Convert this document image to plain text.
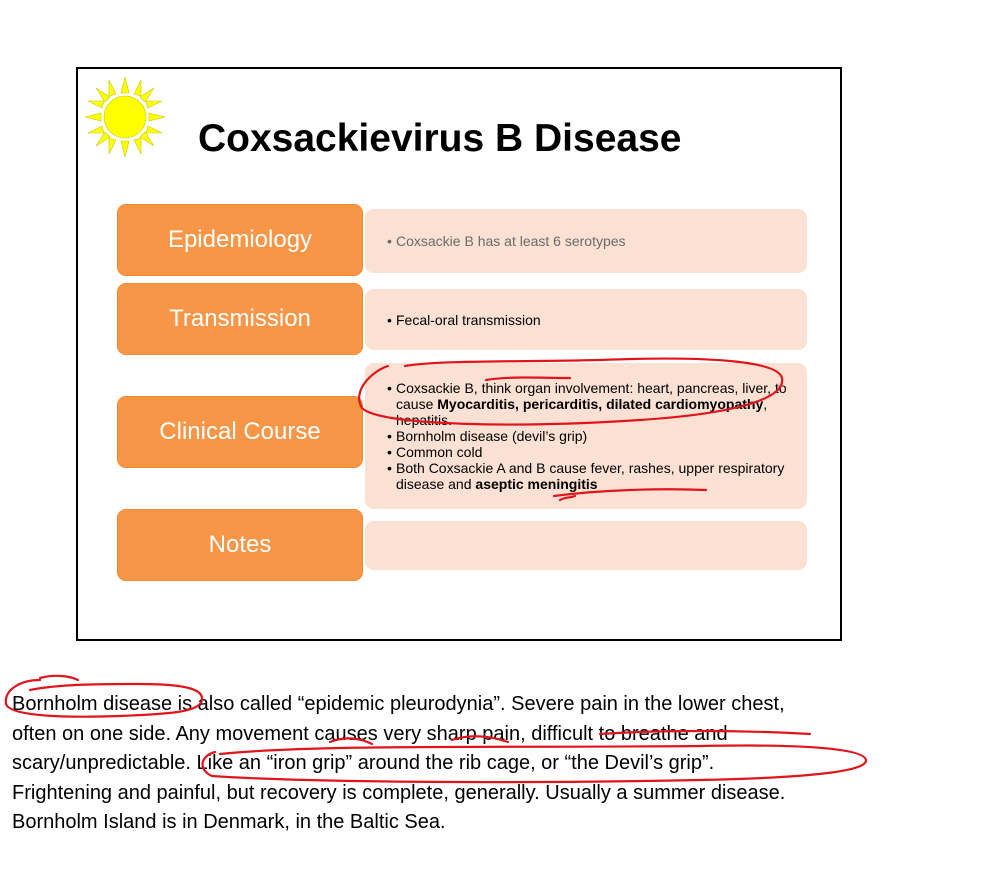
Coxsackievirus B Disease
Epidemiology	• Coxsackie B has at least 6 serotypes
Transmission	• Fecal-oral transmission
Clinical Course
• Coxsackie B, think organ involvement: heart, pancreas, liver, to cause Myocarditis, pericarditis, dilated cardiomyopathy, hepatitis.
• Bornholm disease (devil’s grip)
• Common cold
• Both Coxsackie A and B cause fever, rashes, upper respiratory disease and aseptic meningitis
Notes
Bornholm disease is also called “epidemic pleurodynia”. Severe pain in the lower chest,
often on one side. Any movement causes very sharp pain, difficult to breathe and
scary/unpredictable. Like an “iron grip” around the rib cage, or “the Devil’s grip”.
Frightening and painful, but recovery is complete, generally. Usually a summer disease.
Bornholm Island is in Denmark, in the Baltic Sea.
